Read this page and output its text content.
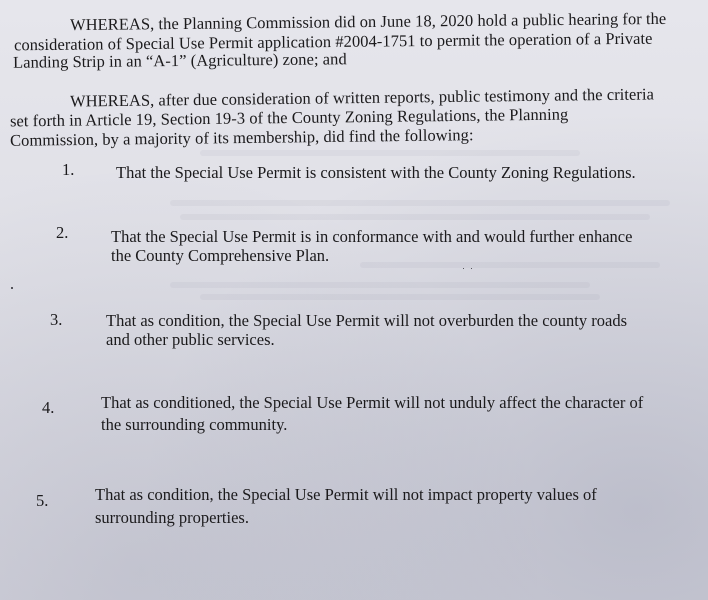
WHEREAS, the Planning Commission did on June 18, 2020 hold a public hearing for the
consideration of Special Use Permit application #2004-1751 to permit the operation of a Private
Landing Strip in an “A-1” (Agriculture) zone; and
WHEREAS, after due consideration of written reports, public testimony and the criteria
set forth in Article 19, Section 19-3 of the County Zoning Regulations, the Planning
Commission, by a majority of its membership, did find the following:
1.	That the Special Use Permit is consistent with the County Zoning Regulations.
2.	That the Special Use Permit is in conformance with and would further enhance
the County Comprehensive Plan.
3.	That as condition, the Special Use Permit will not overburden the county roads
and other public services.
4.	That as conditioned, the Special Use Permit will not unduly affect the character of
the surrounding community.
5.	That as condition, the Special Use Permit will not impact property values of
surrounding properties.
